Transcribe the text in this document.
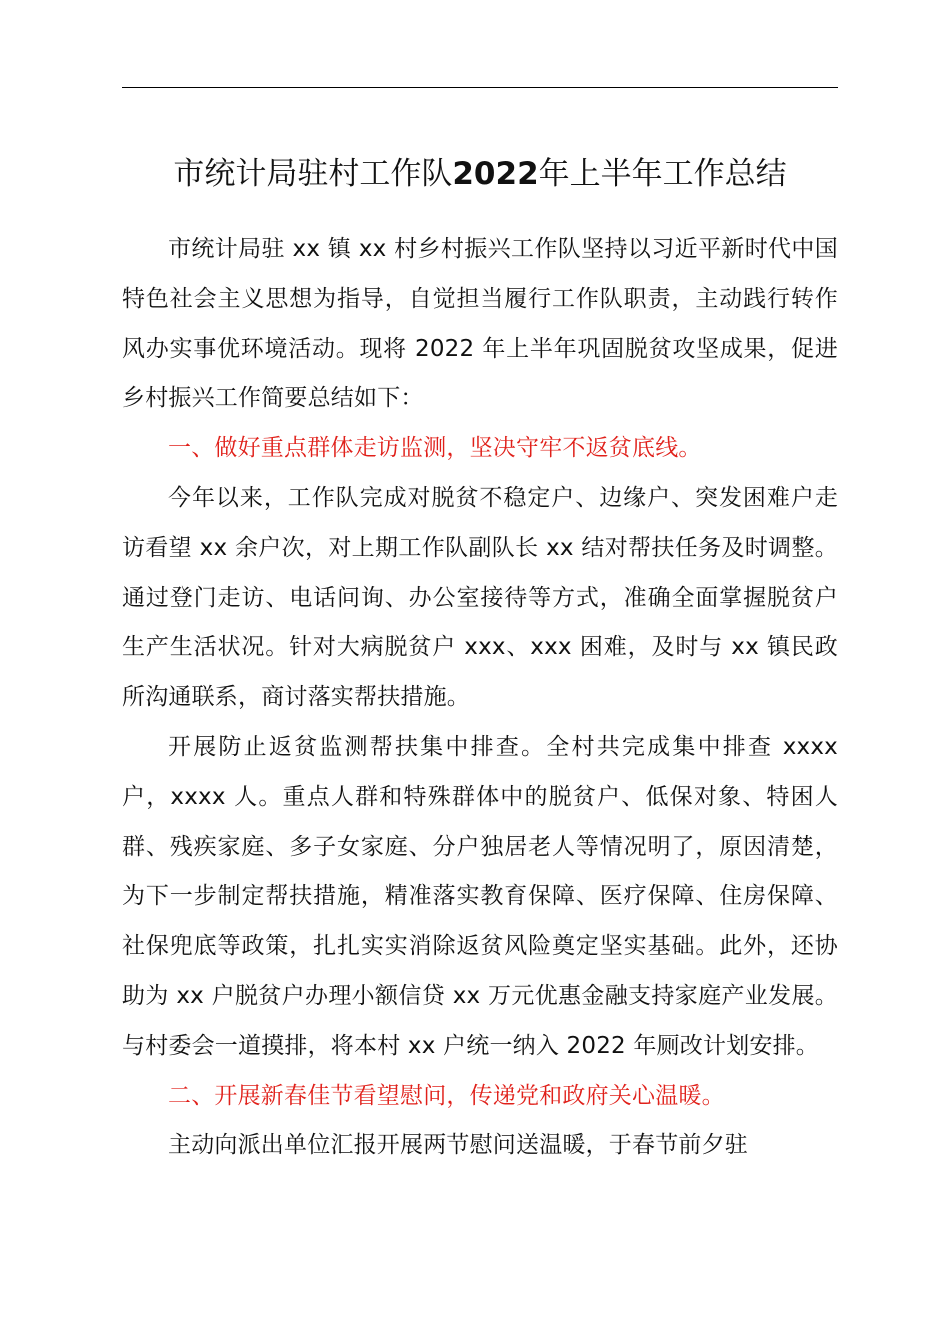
市统计局驻村工作队2022年上半年工作总结

市统计局驻 xx 镇 xx 村乡村振兴工作队坚持以习近平新时代中国特色社会主义思想为指导，自觉担当履行工作队职责，主动践行转作风办实事优环境活动。现将 2022 年上半年巩固脱贫攻坚成果，促进乡村振兴工作简要总结如下：

一、做好重点群体走访监测，坚决守牢不返贫底线。

今年以来，工作队完成对脱贫不稳定户、边缘户、突发困难户走访看望 xx 余户次，对上期工作队副队长 xx 结对帮扶任务及时调整。通过登门走访、电话问询、办公室接待等方式，准确全面掌握脱贫户生产生活状况。针对大病脱贫户 xxx、xxx 困难，及时与 xx 镇民政所沟通联系，商讨落实帮扶措施。

开展防止返贫监测帮扶集中排查。全村共完成集中排查 xxxx 户，xxxx 人。重点人群和特殊群体中的脱贫户、低保对象、特困人群、残疾家庭、多子女家庭、分户独居老人等情况明了，原因清楚，为下一步制定帮扶措施，精准落实教育保障、医疗保障、住房保障、社保兜底等政策，扎扎实实消除返贫风险奠定坚实基础。此外，还协助为 xx 户脱贫户办理小额信贷 xx 万元优惠金融支持家庭产业发展。与村委会一道摸排，将本村 xx 户统一纳入 2022 年厕改计划安排。

二、开展新春佳节看望慰问，传递党和政府关心温暖。

主动向派出单位汇报开展两节慰问送温暖，于春节前夕驻
